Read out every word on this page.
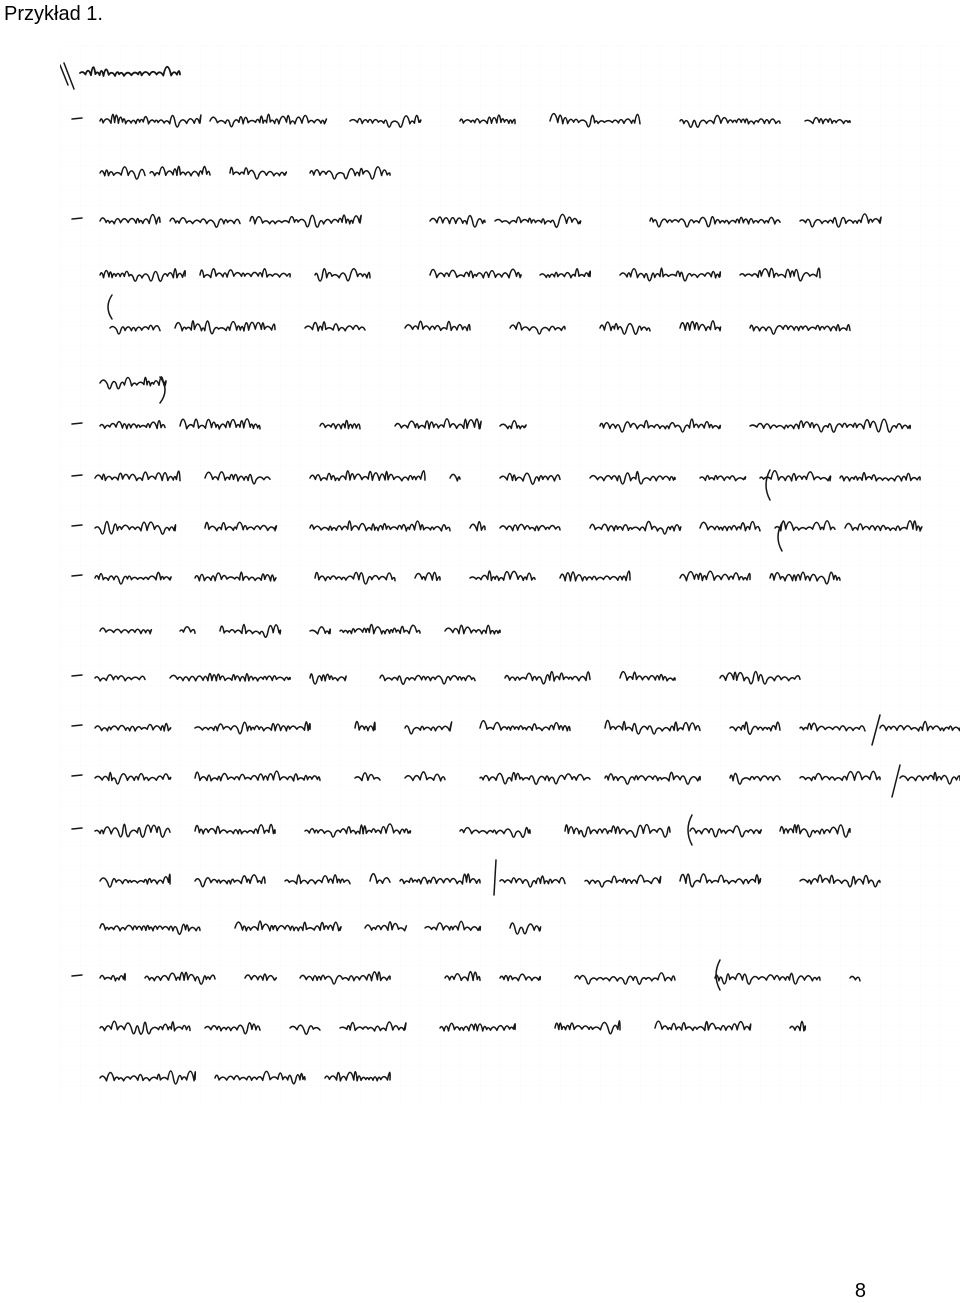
Przykład 1.
8
